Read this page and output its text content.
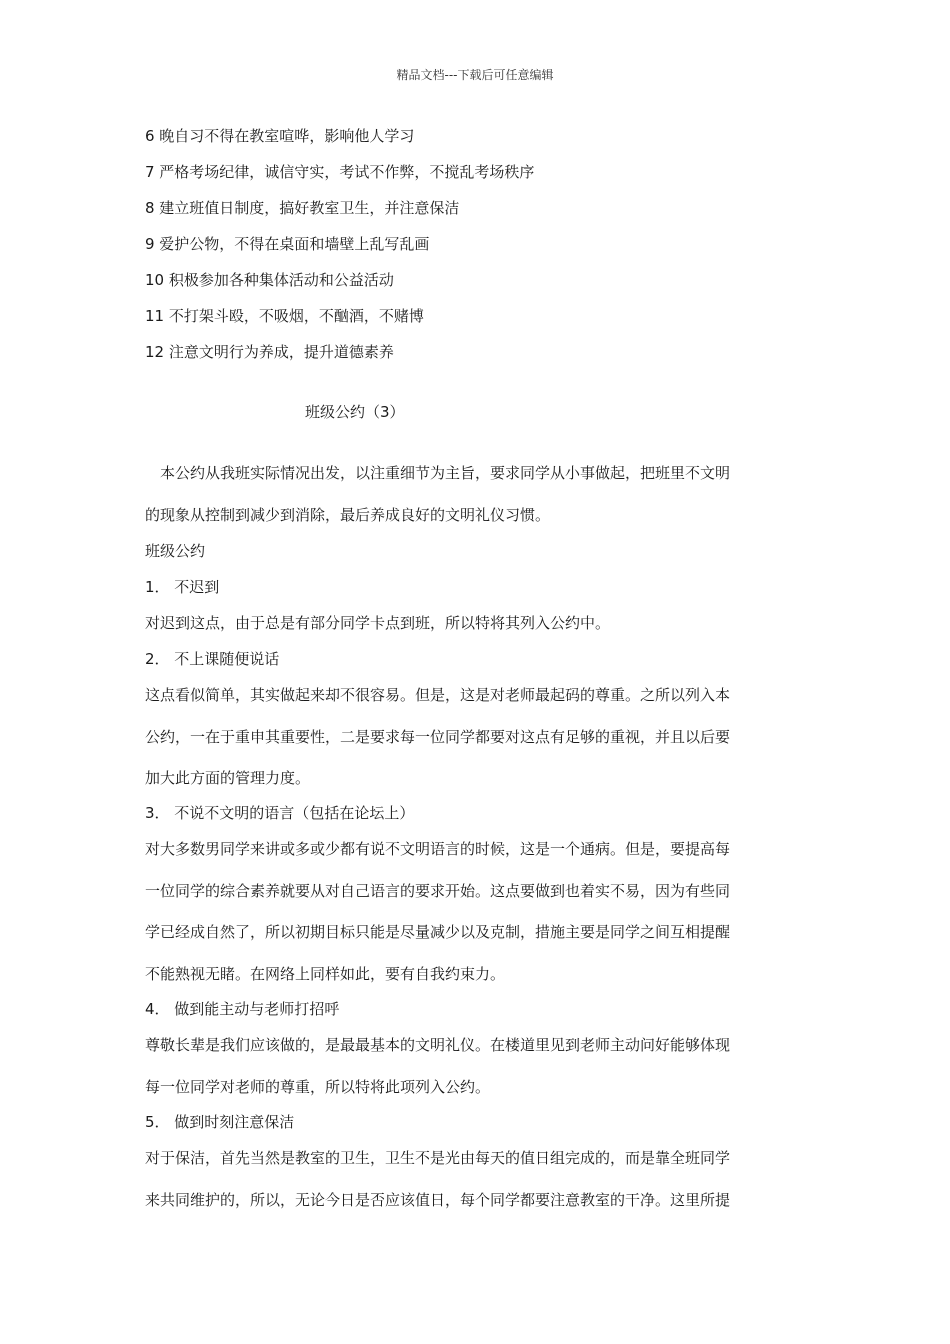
精品文档---下载后可任意编辑
6 晚自习不得在教室喧哗，影响他人学习
7 严格考场纪律，诚信守实，考试不作弊，不搅乱考场秩序
8 建立班值日制度，搞好教室卫生，并注意保洁
9 爱护公物，不得在桌面和墙壁上乱写乱画
10 积极参加各种集体活动和公益活动
11 不打架斗殴，不吸烟，不酗酒，不赌博
12 注意文明行为养成，提升道德素养
班级公约（3）
　本公约从我班实际情况出发，以注重细节为主旨，要求同学从小事做起，把班里不文明
的现象从控制到减少到消除，最后养成良好的文明礼仪习惯。
班级公约
1． 不迟到
对迟到这点，由于总是有部分同学卡点到班，所以特将其列入公约中。
2． 不上课随便说话
这点看似简单，其实做起来却不很容易。但是，这是对老师最起码的尊重。之所以列入本
公约，一在于重申其重要性，二是要求每一位同学都要对这点有足够的重视，并且以后要
加大此方面的管理力度。
3． 不说不文明的语言（包括在论坛上）
对大多数男同学来讲或多或少都有说不文明语言的时候，这是一个通病。但是，要提高每
一位同学的综合素养就要从对自己语言的要求开始。这点要做到也着实不易，因为有些同
学已经成自然了，所以初期目标只能是尽量减少以及克制，措施主要是同学之间互相提醒
不能熟视无睹。在网络上同样如此，要有自我约束力。
4． 做到能主动与老师打招呼
尊敬长辈是我们应该做的，是最最基本的文明礼仪。在楼道里见到老师主动问好能够体现
每一位同学对老师的尊重，所以特将此项列入公约。
5． 做到时刻注意保洁
对于保洁，首先当然是教室的卫生，卫生不是光由每天的值日组完成的，而是靠全班同学
来共同维护的，所以，无论今日是否应该值日，每个同学都要注意教室的干净。这里所提
